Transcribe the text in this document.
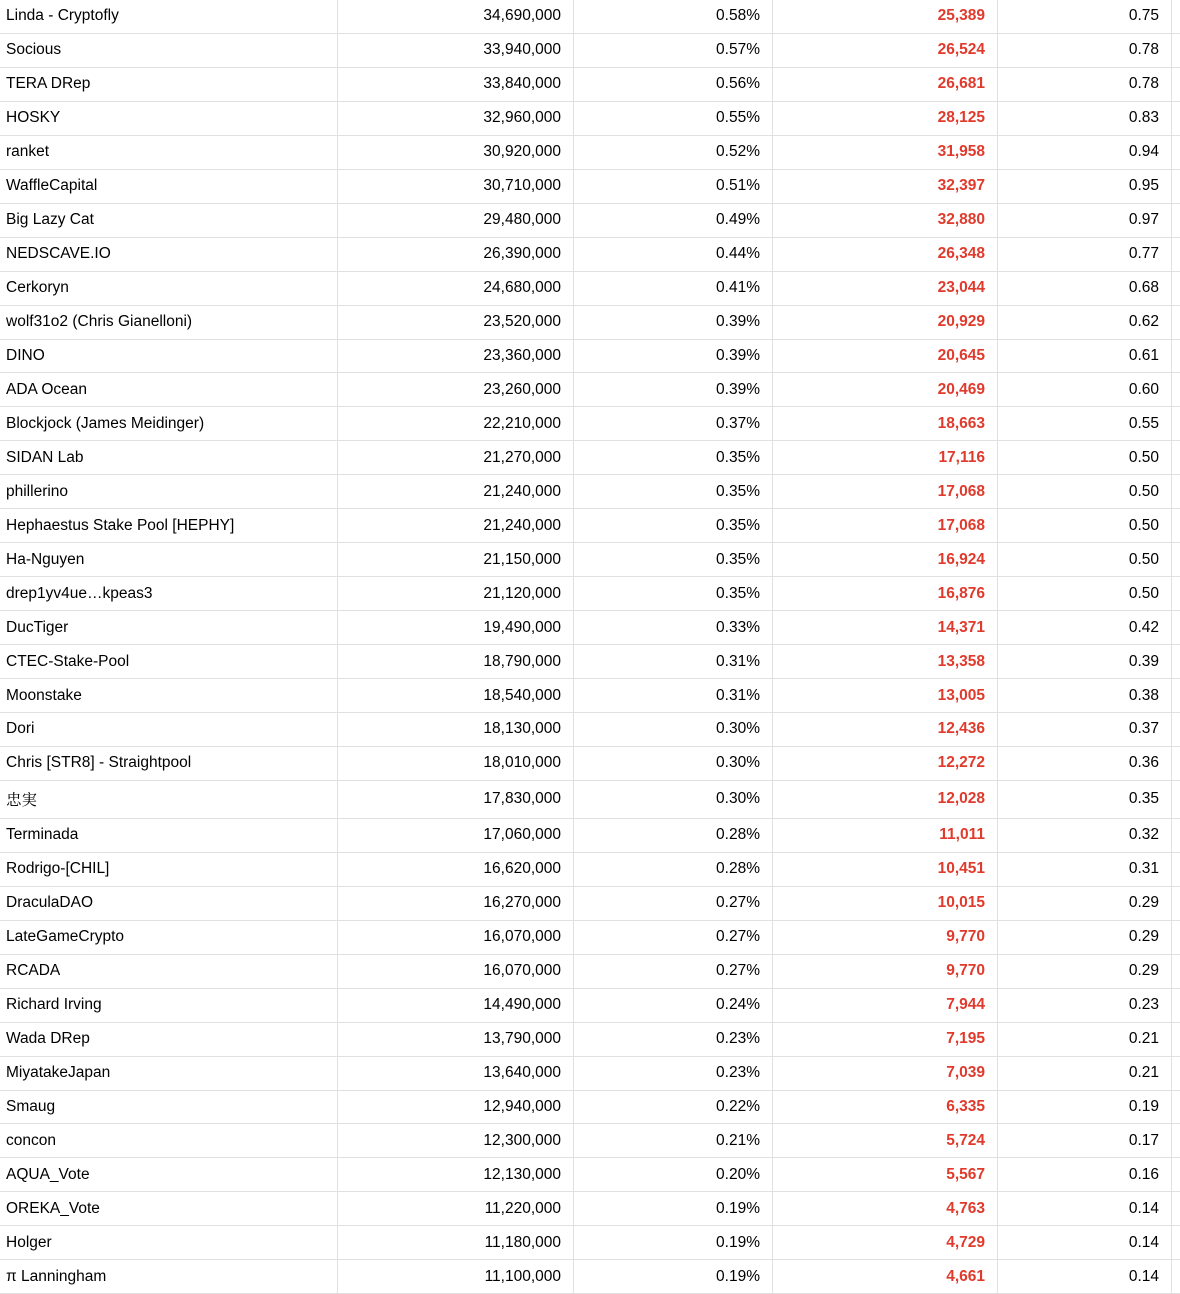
Linda - Cryptofly	34,690,000	0.58%	25,389	0.75
Socious	33,940,000	0.57%	26,524	0.78
TERA DRep	33,840,000	0.56%	26,681	0.78
HOSKY	32,960,000	0.55%	28,125	0.83
ranket	30,920,000	0.52%	31,958	0.94
WaffleCapital	30,710,000	0.51%	32,397	0.95
Big Lazy Cat	29,480,000	0.49%	32,880	0.97
NEDSCAVE.IO	26,390,000	0.44%	26,348	0.77
Cerkoryn	24,680,000	0.41%	23,044	0.68
wolf31o2 (Chris Gianelloni)	23,520,000	0.39%	20,929	0.62
DINO	23,360,000	0.39%	20,645	0.61
ADA Ocean	23,260,000	0.39%	20,469	0.60
Blockjock (James Meidinger)	22,210,000	0.37%	18,663	0.55
SIDAN Lab	21,270,000	0.35%	17,116	0.50
phillerino	21,240,000	0.35%	17,068	0.50
Hephaestus Stake Pool [HEPHY]	21,240,000	0.35%	17,068	0.50
Ha-Nguyen	21,150,000	0.35%	16,924	0.50
drep1yv4ue…kpeas3	21,120,000	0.35%	16,876	0.50
DucTiger	19,490,000	0.33%	14,371	0.42
CTEC-Stake-Pool	18,790,000	0.31%	13,358	0.39
Moonstake	18,540,000	0.31%	13,005	0.38
Dori	18,130,000	0.30%	12,436	0.37
Chris [STR8] - Straightpool	18,010,000	0.30%	12,272	0.36
忠実	17,830,000	0.30%	12,028	0.35
Terminada	17,060,000	0.28%	11,011	0.32
Rodrigo-[CHIL]	16,620,000	0.28%	10,451	0.31
DraculaDAO	16,270,000	0.27%	10,015	0.29
LateGameCrypto	16,070,000	0.27%	9,770	0.29
RCADA	16,070,000	0.27%	9,770	0.29
Richard Irving	14,490,000	0.24%	7,944	0.23
Wada DRep	13,790,000	0.23%	7,195	0.21
MiyatakeJapan	13,640,000	0.23%	7,039	0.21
Smaug	12,940,000	0.22%	6,335	0.19
concon	12,300,000	0.21%	5,724	0.17
AQUA_Vote	12,130,000	0.20%	5,567	0.16
OREKA_Vote	11,220,000	0.19%	4,763	0.14
Holger	11,180,000	0.19%	4,729	0.14
π Lanningham	11,100,000	0.19%	4,661	0.14
